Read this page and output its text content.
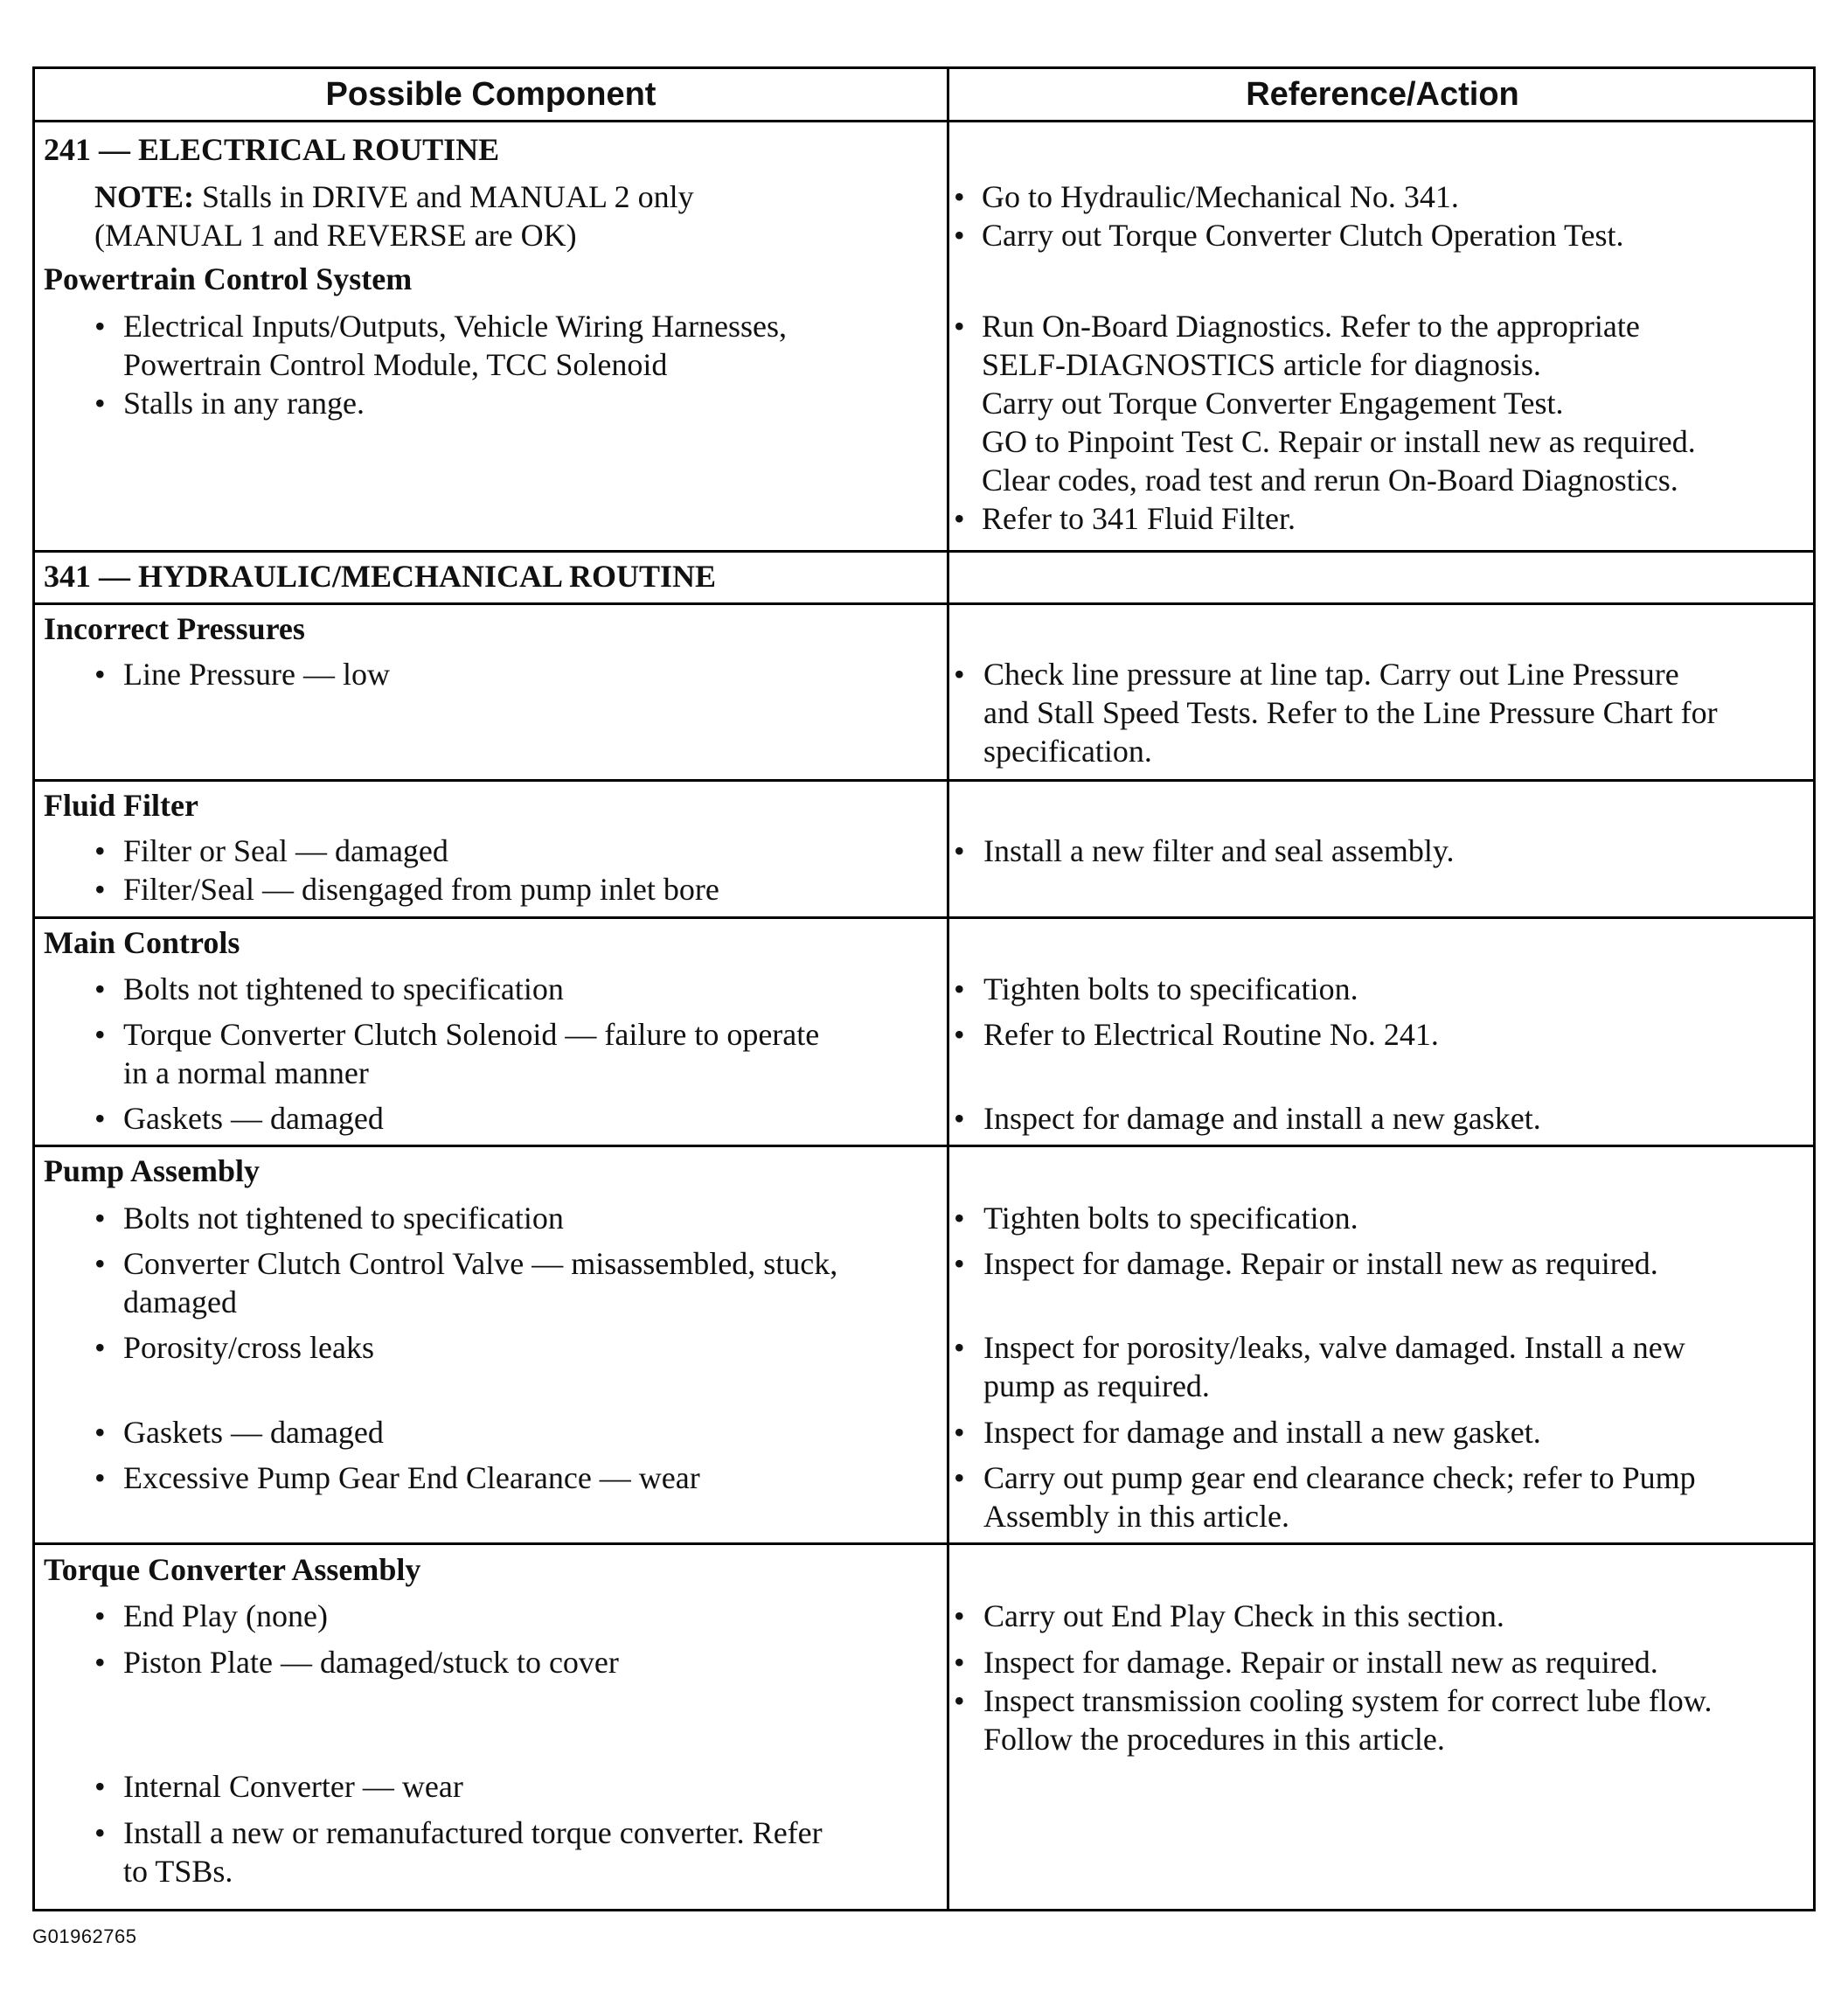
Possible Component	Reference/Action
241 — ELECTRICAL ROUTINE
NOTE: Stalls in DRIVE and MANUAL 2 only
(MANUAL 1 and REVERSE are OK)
• Go to Hydraulic/Mechanical No. 341.
• Carry out Torque Converter Clutch Operation Test.
Powertrain Control System
• Electrical Inputs/Outputs, Vehicle Wiring Harnesses,
Powertrain Control Module, TCC Solenoid
• Stalls in any range.
• Run On-Board Diagnostics. Refer to the appropriate
SELF-DIAGNOSTICS article for diagnosis.
Carry out Torque Converter Engagement Test.
GO to Pinpoint Test C. Repair or install new as required.
Clear codes, road test and rerun On-Board Diagnostics.
• Refer to 341 Fluid Filter.
341 — HYDRAULIC/MECHANICAL ROUTINE
Incorrect Pressures
• Line Pressure — low	• Check line pressure at line tap. Carry out Line Pressure
and Stall Speed Tests. Refer to the Line Pressure Chart for
specification.
Fluid Filter
• Filter or Seal — damaged
• Filter/Seal — disengaged from pump inlet bore
• Install a new filter and seal assembly.
Main Controls
• Bolts not tightened to specification
• Torque Converter Clutch Solenoid — failure to operate
in a normal manner
• Gaskets — damaged
• Tighten bolts to specification.
• Refer to Electrical Routine No. 241.
• Inspect for damage and install a new gasket.
Pump Assembly
• Bolts not tightened to specification
• Converter Clutch Control Valve — misassembled, stuck,
damaged
• Porosity/cross leaks
• Gaskets — damaged
• Excessive Pump Gear End Clearance — wear
• Tighten bolts to specification.
• Inspect for damage. Repair or install new as required.
• Inspect for porosity/leaks, valve damaged. Install a new
pump as required.
• Inspect for damage and install a new gasket.
• Carry out pump gear end clearance check; refer to Pump
Assembly in this article.
Torque Converter Assembly
• End Play (none)
• Piston Plate — damaged/stuck to cover
• Internal Converter — wear
• Install a new or remanufactured torque converter. Refer
to TSBs.
• Carry out End Play Check in this section.
• Inspect for damage. Repair or install new as required.
• Inspect transmission cooling system for correct lube flow.
Follow the procedures in this article.
G01962765
